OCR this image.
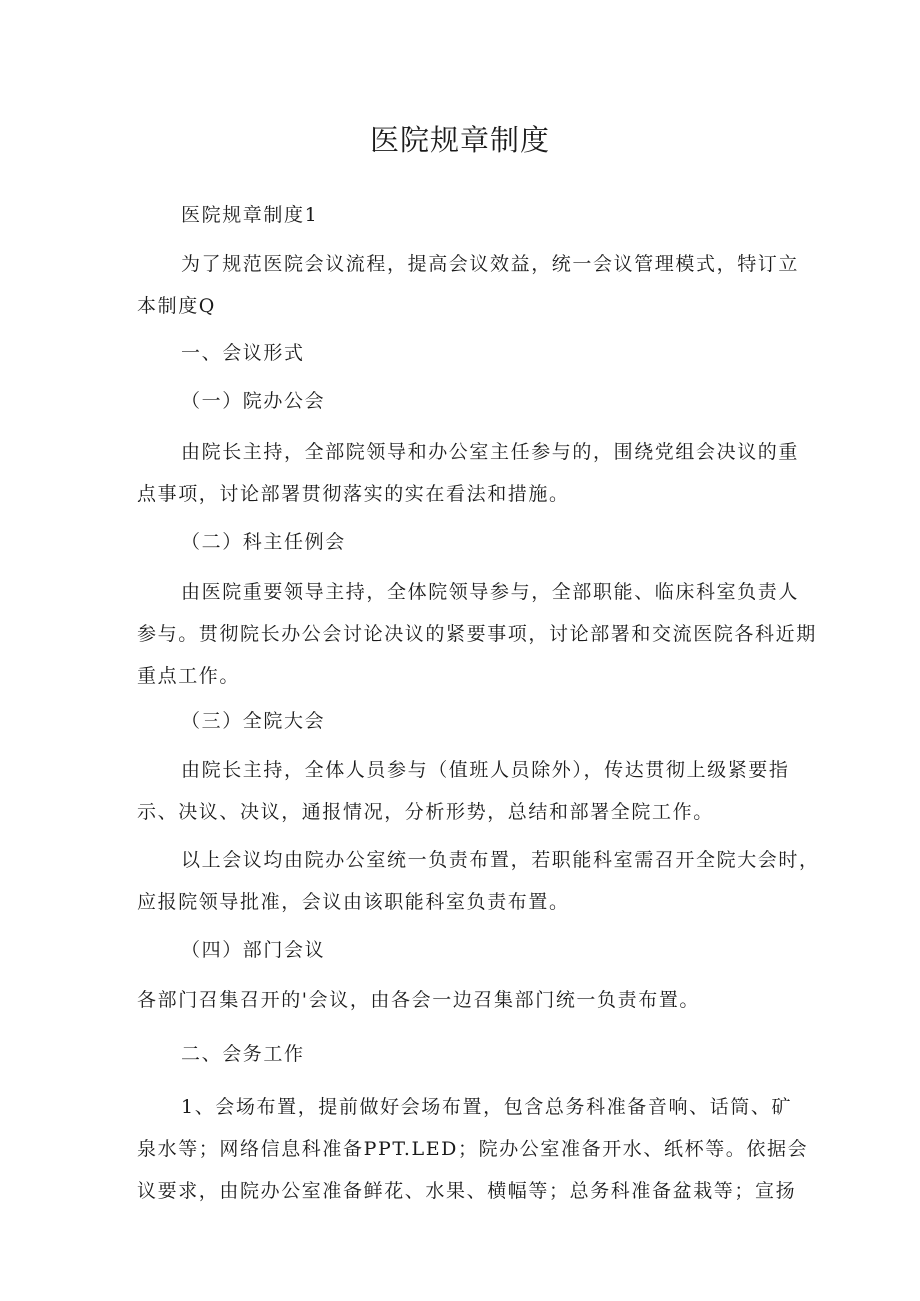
医院规章制度

医院规章制度1

为了规范医院会议流程，提高会议效益，统一会议管理模式，特订立
本制度Q

一、会议形式

（一）院办公会

由院长主持，全部院领导和办公室主任参与的，围绕党组会决议的重
点事项，讨论部署贯彻落实的实在看法和措施。

（二）科主任例会

由医院重要领导主持，全体院领导参与，全部职能、临床科室负责人
参与。贯彻院长办公会讨论决议的紧要事项，讨论部署和交流医院各科近期
重点工作。

（三）全院大会

由院长主持，全体人员参与（值班人员除外），传达贯彻上级紧要指
示、决议、决议，通报情况，分析形势，总结和部署全院工作。

以上会议均由院办公室统一负责布置，若职能科室需召开全院大会时，
应报院领导批准，会议由该职能科室负责布置。

（四）部门会议

各部门召集召开的'会议，由各会一边召集部门统一负责布置。

二、会务工作

1、会场布置，提前做好会场布置，包含总务科准备音响、话筒、矿
泉水等；网络信息科准备PPT.LED；院办公室准备开水、纸杯等。依据会
议要求，由院办公室准备鲜花、水果、横幅等；总务科准备盆栽等；宣扬
